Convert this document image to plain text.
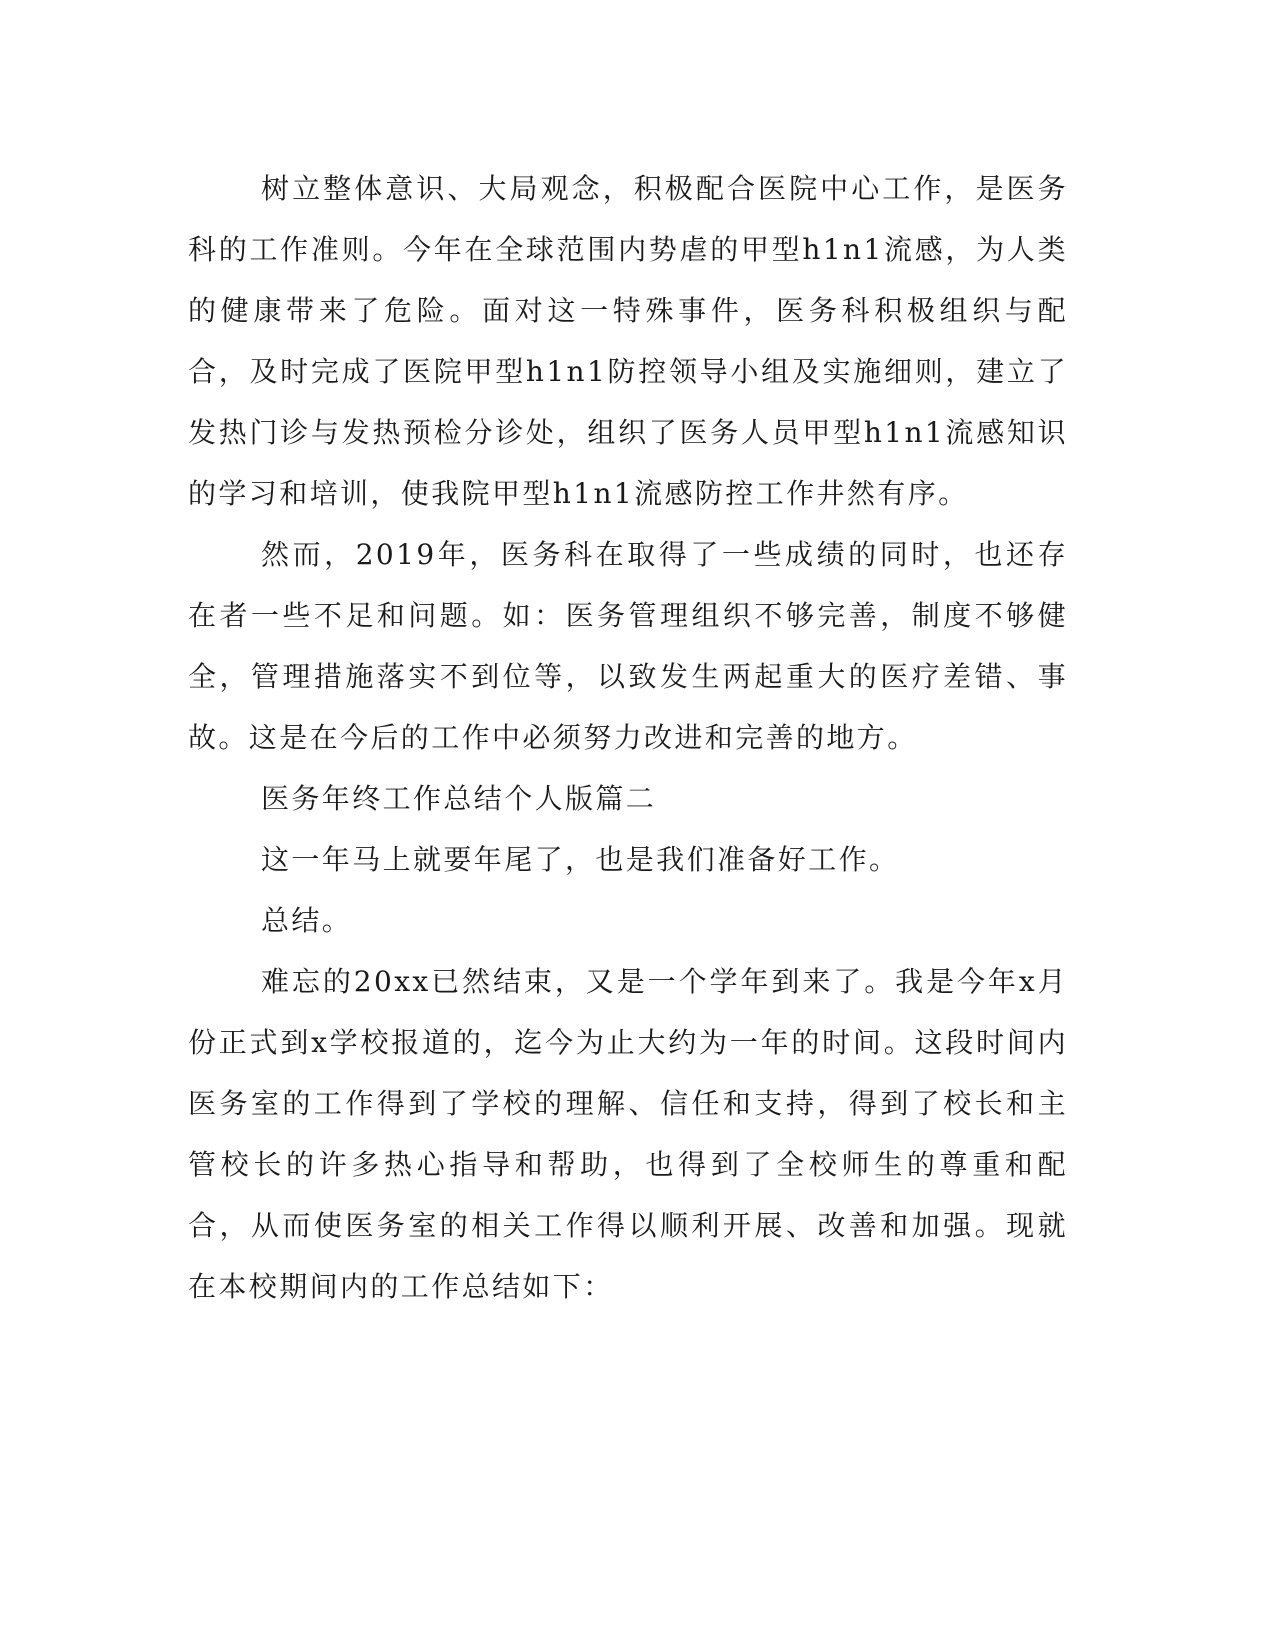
树立整体意识、大局观念，积极配合医院中心工作，是医务科的工作准则。今年在全球范围内势虐的甲型h1n1流感，为人类的健康带来了危险。面对这一特殊事件，医务科积极组织与配合，及时完成了医院甲型h1n1防控领导小组及实施细则，建立了发热门诊与发热预检分诊处，组织了医务人员甲型h1n1流感知识的学习和培训，使我院甲型h1n1流感防控工作井然有序。

然而，2019年，医务科在取得了一些成绩的同时，也还存在者一些不足和问题。如：医务管理组织不够完善，制度不够健全，管理措施落实不到位等，以致发生两起重大的医疗差错、事故。这是在今后的工作中必须努力改进和完善的地方。

医务年终工作总结个人版篇二

这一年马上就要年尾了，也是我们准备好工作。

总结。

难忘的20xx已然结束，又是一个学年到来了。我是今年x月份正式到x学校报道的，迄今为止大约为一年的时间。这段时间内医务室的工作得到了学校的理解、信任和支持，得到了校长和主管校长的许多热心指导和帮助，也得到了全校师生的尊重和配合，从而使医务室的相关工作得以顺利开展、改善和加强。现就在本校期间内的工作总结如下：
